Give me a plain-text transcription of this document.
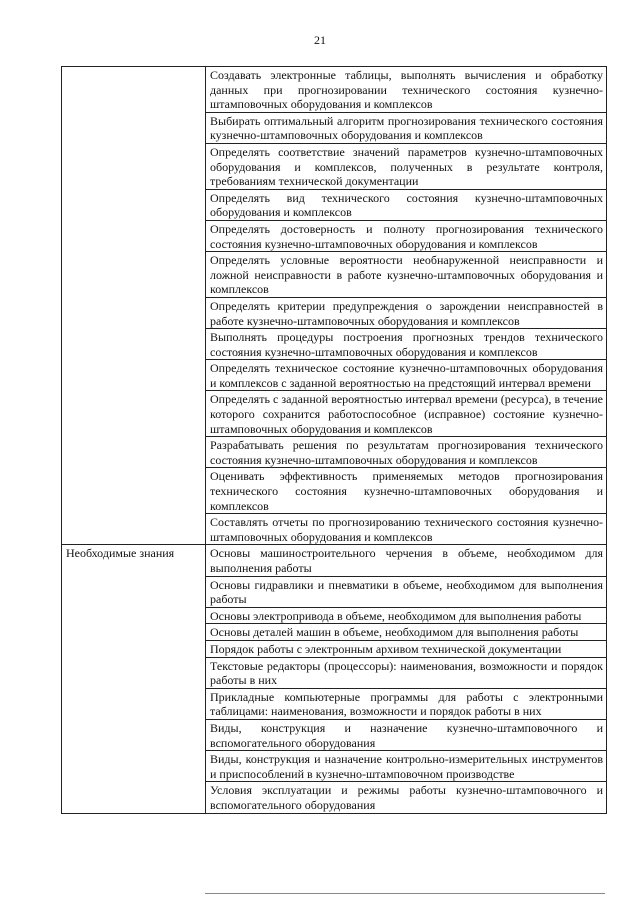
21
	Создавать электронные таблицы, выполнять вычисления и обработку данных при прогнозировании технического состояния кузнечно-штамповочных оборудования и комплексов
	Выбирать оптимальный алгоритм прогнозирования технического состояния кузнечно-штамповочных оборудования и комплексов
	Определять соответствие значений параметров кузнечно-штамповочных оборудования и комплексов, полученных в результате контроля, требованиям технической документации
	Определять вид технического состояния кузнечно-штамповочных оборудования и комплексов
	Определять достоверность и полноту прогнозирования технического состояния кузнечно-штамповочных оборудования и комплексов
	Определять условные вероятности необнаруженной неисправности и ложной неисправности в работе кузнечно-штамповочных оборудования и комплексов
	Определять критерии предупреждения о зарождении неисправностей в работе кузнечно-штамповочных оборудования и комплексов
	Выполнять процедуры построения прогнозных трендов технического состояния кузнечно-штамповочных оборудования и комплексов
	Определять техническое состояние кузнечно-штамповочных оборудования и комплексов с заданной вероятностью на предстоящий интервал времени
	Определять с заданной вероятностью интервал времени (ресурса), в течение которого сохранится работоспособное (исправное) состояние кузнечно-штамповочных оборудования и комплексов
	Разрабатывать решения по результатам прогнозирования технического состояния кузнечно-штамповочных оборудования и комплексов
	Оценивать эффективность применяемых методов прогнозирования технического состояния кузнечно-штамповочных оборудования и комплексов
	Составлять отчеты по прогнозированию технического состояния кузнечно-штамповочных оборудования и комплексов
Необходимые знания	Основы машиностроительного черчения в объеме, необходимом для выполнения работы
	Основы гидравлики и пневматики в объеме, необходимом для выполнения работы
	Основы электропривода в объеме, необходимом для выполнения работы
	Основы деталей машин в объеме, необходимом для выполнения работы
	Порядок работы с электронным архивом технической документации
	Текстовые редакторы (процессоры): наименования, возможности и порядок работы в них
	Прикладные компьютерные программы для работы с электронными таблицами: наименования, возможности и порядок работы в них
	Виды, конструкция и назначение кузнечно-штамповочного и вспомогательного оборудования
	Виды, конструкция и назначение контрольно-измерительных инструментов и приспособлений в кузнечно-штамповочном производстве
	Условия эксплуатации и режимы работы кузнечно-штамповочного и вспомогательного оборудования
